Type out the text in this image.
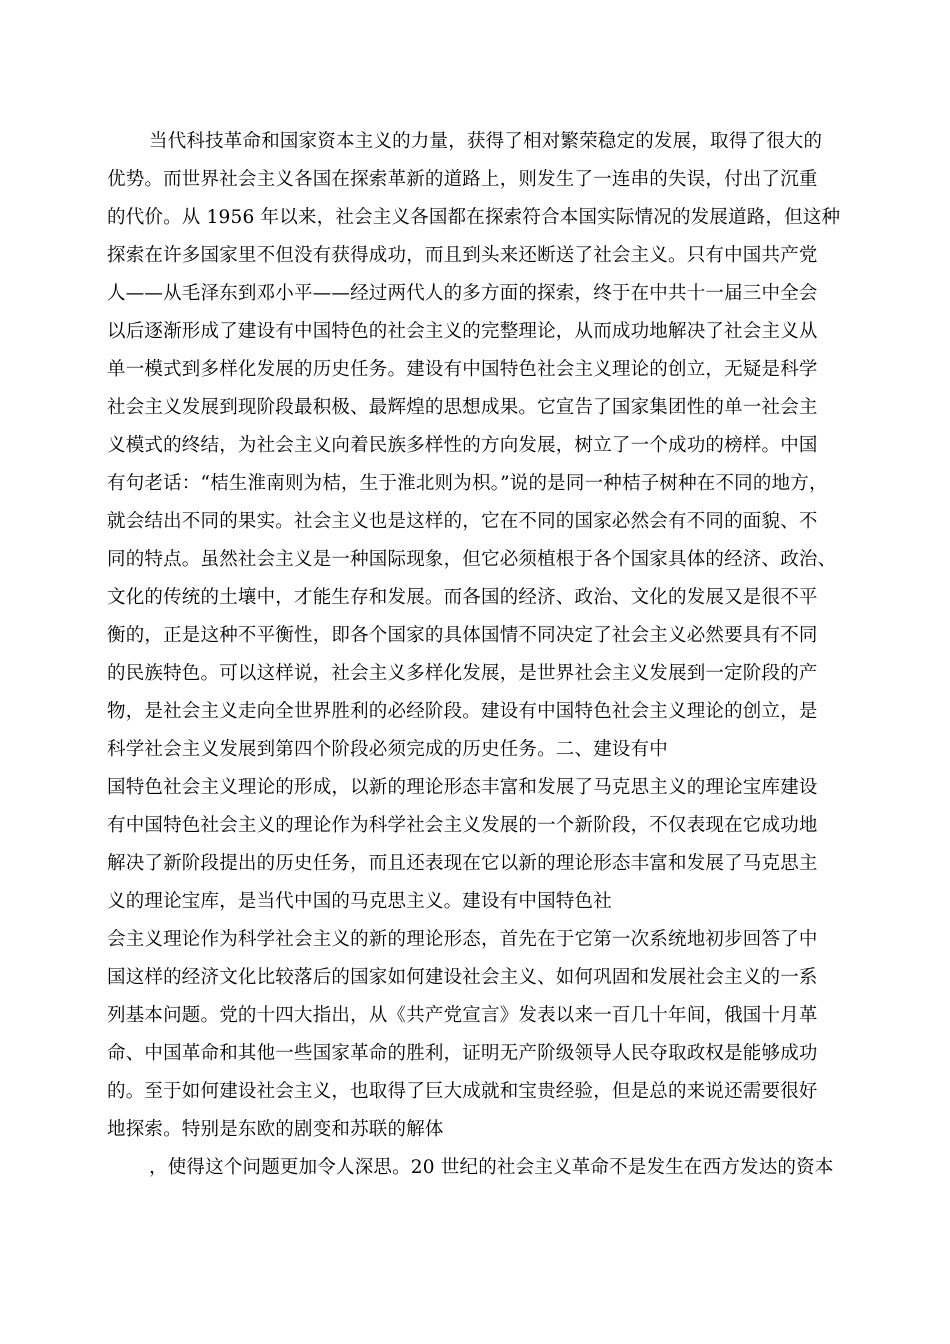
当代科技革命和国家资本主义的力量，获得了相对繁荣稳定的发展，取得了很大的
优势。而世界社会主义各国在探索革新的道路上，则发生了一连串的失误，付出了沉重
的代价。从 1956 年以来，社会主义各国都在探索符合本国实际情况的发展道路，但这种
探索在许多国家里不但没有获得成功，而且到头来还断送了社会主义。只有中国共产党
人——从毛泽东到邓小平——经过两代人的多方面的探索，终于在中共十一届三中全会
以后逐渐形成了建设有中国特色的社会主义的完整理论，从而成功地解决了社会主义从
单一模式到多样化发展的历史任务。建设有中国特色社会主义理论的创立，无疑是科学
社会主义发展到现阶段最积极、最辉煌的思想成果。它宣告了国家集团性的单一社会主
义模式的终结，为社会主义向着民族多样性的方向发展，树立了一个成功的榜样。中国
有句老话：“桔生淮南则为桔，生于淮北则为枳。”说的是同一种桔子树种在不同的地方，
就会结出不同的果实。社会主义也是这样的，它在不同的国家必然会有不同的面貌、不
同的特点。虽然社会主义是一种国际现象，但它必须植根于各个国家具体的经济、政治、
文化的传统的土壤中，才能生存和发展。而各国的经济、政治、文化的发展又是很不平
衡的，正是这种不平衡性，即各个国家的具体国情不同决定了社会主义必然要具有不同
的民族特色。可以这样说，社会主义多样化发展，是世界社会主义发展到一定阶段的产
物，是社会主义走向全世界胜利的必经阶段。建设有中国特色社会主义理论的创立，是
科学社会主义发展到第四个阶段必须完成的历史任务。二、建设有中
国特色社会主义理论的形成，以新的理论形态丰富和发展了马克思主义的理论宝库建设
有中国特色社会主义的理论作为科学社会主义发展的一个新阶段，不仅表现在它成功地
解决了新阶段提出的历史任务，而且还表现在它以新的理论形态丰富和发展了马克思主
义的理论宝库，是当代中国的马克思主义。建设有中国特色社
会主义理论作为科学社会主义的新的理论形态，首先在于它第一次系统地初步回答了中
国这样的经济文化比较落后的国家如何建设社会主义、如何巩固和发展社会主义的一系
列基本问题。党的十四大指出，从《共产党宣言》发表以来一百几十年间，俄国十月革
命、中国革命和其他一些国家革命的胜利，证明无产阶级领导人民夺取政权是能够成功
的。至于如何建设社会主义，也取得了巨大成就和宝贵经验，但是总的来说还需要很好
地探索。特别是东欧的剧变和苏联的解体
，使得这个问题更加令人深思。20 世纪的社会主义革命不是发生在西方发达的资本
